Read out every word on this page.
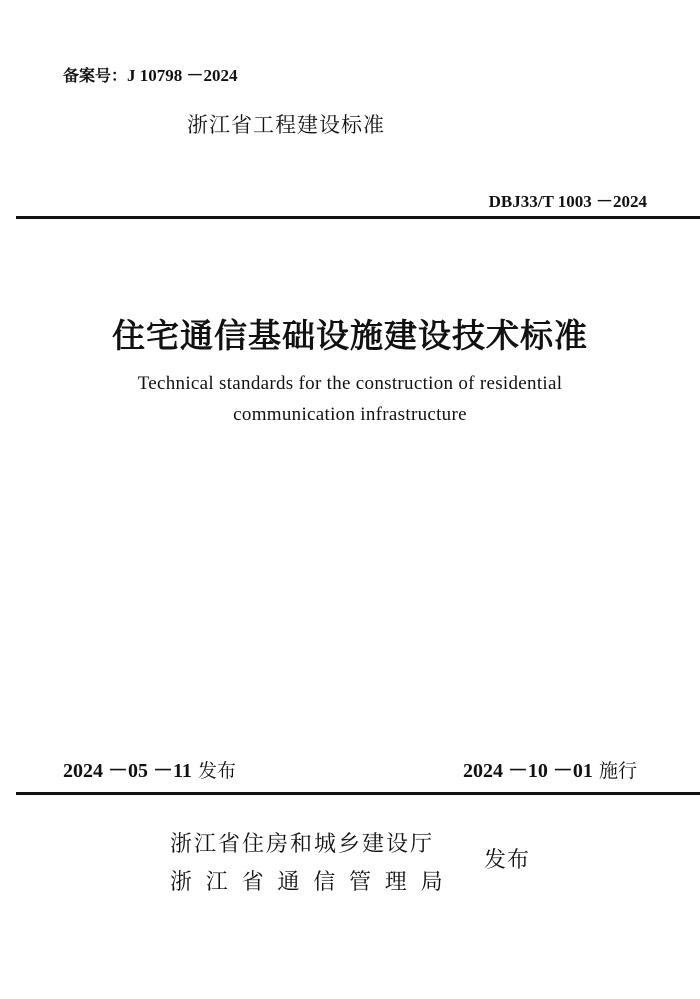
备案号：J 10798 －2024
浙江省工程建设标准
DBJ33/T 1003 －2024
住宅通信基础设施建设技术标准
Technical standards for the construction of residential
communication infrastructure
2024 －05 －11 发布	2024 －10 －01 施行
浙江省住房和城乡建设厅
浙江省通信管理局
发布
